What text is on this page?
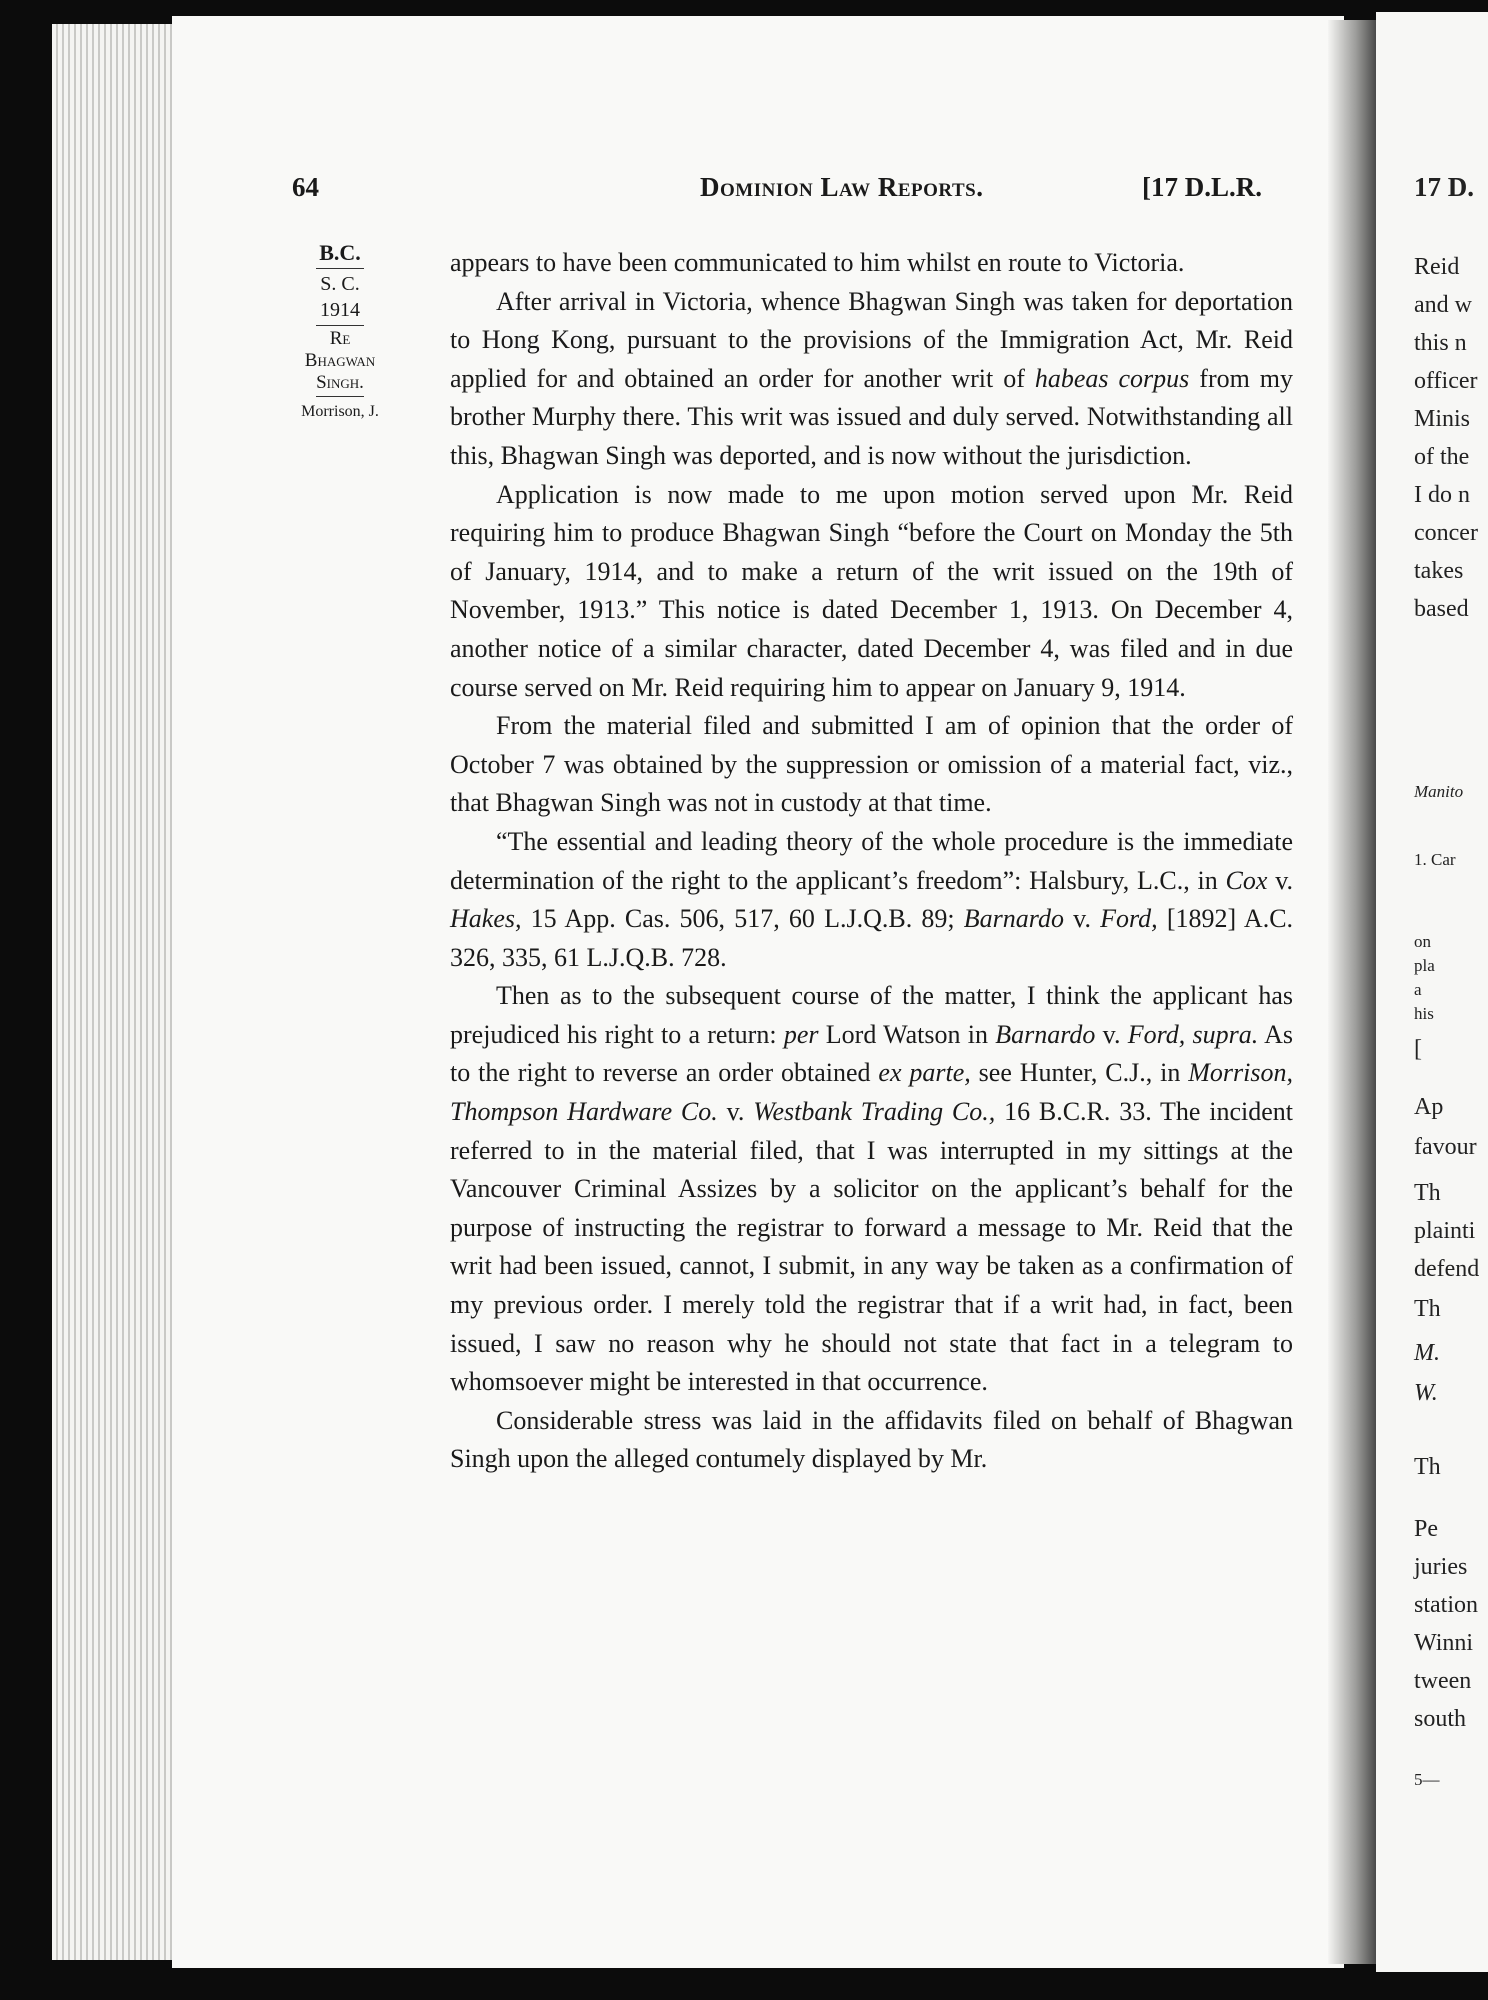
64	Dominion Law Reports.	[17 D.L.R.
B.C.
S. C.
1914
Re
Bhagwan
Singh.
Morrison, J.

appears to have been communicated to him whilst en route to Victoria.

After arrival in Victoria, whence Bhagwan Singh was taken for deportation to Hong Kong, pursuant to the provisions of the Immigration Act, Mr. Reid applied for and obtained an order for another writ of habeas corpus from my brother Murphy there. This writ was issued and duly served. Notwithstanding all this, Bhagwan Singh was deported, and is now without the jurisdiction.

Application is now made to me upon motion served upon Mr. Reid requiring him to produce Bhagwan Singh “before the Court on Monday the 5th of January, 1914, and to make a return of the writ issued on the 19th of November, 1913.” This notice is dated December 1, 1913. On December 4, another notice of a similar character, dated December 4, was filed and in due course served on Mr. Reid requiring him to appear on January 9, 1914.

From the material filed and submitted I am of opinion that the order of October 7 was obtained by the suppression or omission of a material fact, viz., that Bhagwan Singh was not in custody at that time.

“The essential and leading theory of the whole procedure is the immediate determination of the right to the applicant’s freedom”: Halsbury, L.C., in Cox v. Hakes, 15 App. Cas. 506, 517, 60 L.J.Q.B. 89; Barnardo v. Ford, [1892] A.C. 326, 335, 61 L.J.Q.B. 728.

Then as to the subsequent course of the matter, I think the applicant has prejudiced his right to a return: per Lord Watson in Barnardo v. Ford, supra. As to the right to reverse an order obtained ex parte, see Hunter, C.J., in Morrison, Thompson Hardware Co. v. Westbank Trading Co., 16 B.C.R. 33. The incident referred to in the material filed, that I was interrupted in my sittings at the Vancouver Criminal Assizes by a solicitor on the applicant’s behalf for the purpose of instructing the registrar to forward a message to Mr. Reid that the writ had been issued, cannot, I submit, in any way be taken as a confirmation of my previous order. I merely told the registrar that if a writ had, in fact, been issued, I saw no reason why he should not state that fact in a telegram to whomsoever might be interested in that occurrence.

Considerable stress was laid in the affidavits filed on behalf of Bhagwan Singh upon the alleged contumely displayed by Mr.

17 D.
Reid
and w
this n
officer
Minis
of the
I do n
concer
takes
based
Manito
1. Car
on
pla
a
his
[
Ap
favour
Th
plainti
defend
Th
M.
W.
Th
Pe
juries
station
Winni
tween
south
5—
